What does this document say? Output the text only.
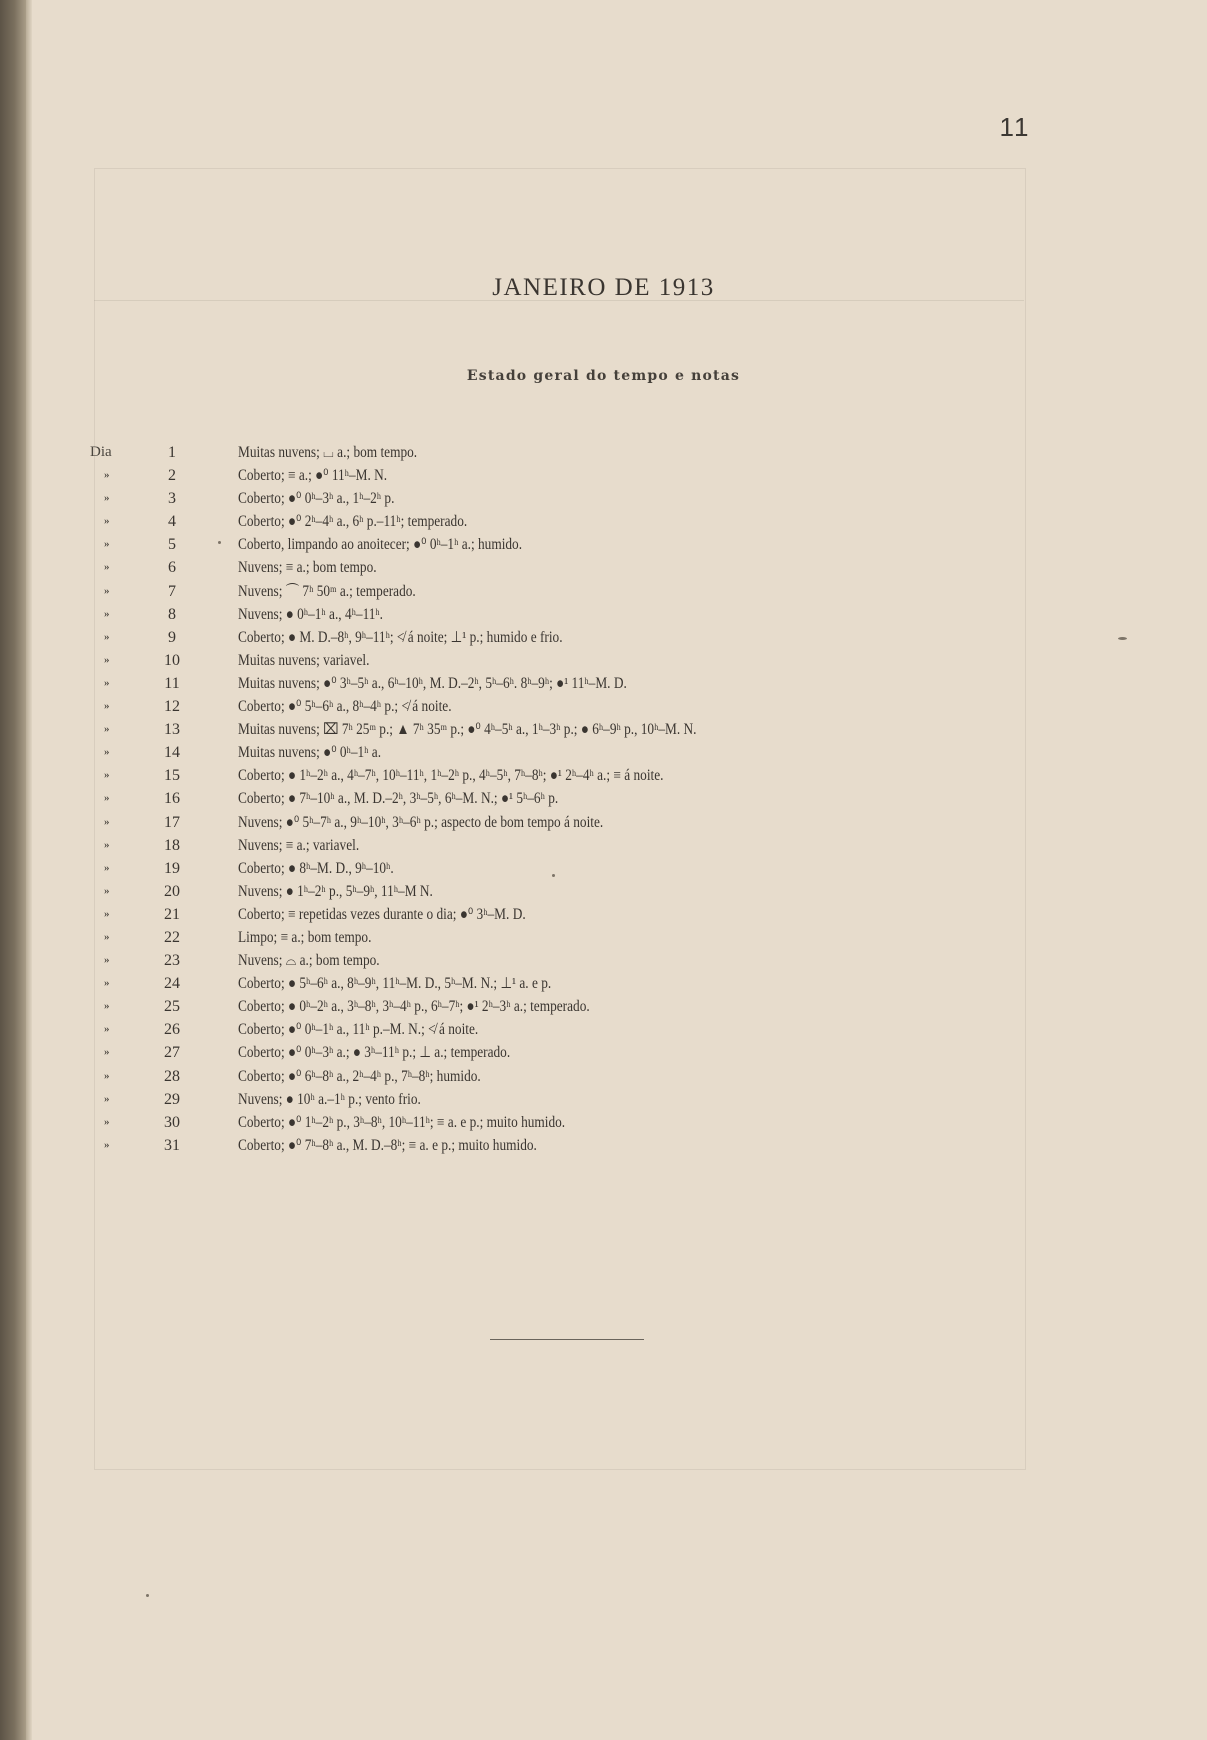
11
JANEIRO DE 1913
Estado geral do tempo e notas
Dia	1	Muitas nuvens; ⌴ a.; bom tempo.
»	2	Coberto; ≡ a.; ●⁰ 11ʰ–M. N.
»	3	Coberto; ●⁰ 0ʰ–3ʰ a., 1ʰ–2ʰ p.
»	4	Coberto; ●⁰ 2ʰ–4ʰ a., 6ʰ p.–11ʰ; temperado.
»	5	Coberto, limpando ao anoitecer; ●⁰ 0ʰ–1ʰ a.; humido.
»	6	Nuvens; ≡ a.; bom tempo.
»	7	Nuvens; ⌒ 7ʰ 50ᵐ a.; temperado.
»	8	Nuvens; ● 0ʰ–1ʰ a., 4ʰ–11ʰ.
»	9	Coberto; ● M. D.–8ʰ, 9ʰ–11ʰ; ≮ á noite; ⊥¹ p.; humido e frio.
»	10	Muitas nuvens; variavel.
»	11	Muitas nuvens; ●⁰ 3ʰ–5ʰ a., 6ʰ–10ʰ, M. D.–2ʰ, 5ʰ–6ʰ. 8ʰ–9ʰ; ●¹ 11ʰ–M. D.
»	12	Coberto; ●⁰ 5ʰ–6ʰ a., 8ʰ–4ʰ p.; ≮ á noite.
»	13	Muitas nuvens; ⌧ 7ʰ 25ᵐ p.; ▲ 7ʰ 35ᵐ p.; ●⁰ 4ʰ–5ʰ a., 1ʰ–3ʰ p.; ● 6ʰ–9ʰ p., 10ʰ–M. N.
»	14	Muitas nuvens; ●⁰ 0ʰ–1ʰ a.
»	15	Coberto; ● 1ʰ–2ʰ a., 4ʰ–7ʰ, 10ʰ–11ʰ, 1ʰ–2ʰ p., 4ʰ–5ʰ, 7ʰ–8ʰ; ●¹ 2ʰ–4ʰ a.; ≡ á noite.
»	16	Coberto; ● 7ʰ–10ʰ a., M. D.–2ʰ, 3ʰ–5ʰ, 6ʰ–M. N.; ●¹ 5ʰ–6ʰ p.
»	17	Nuvens; ●⁰ 5ʰ–7ʰ a., 9ʰ–10ʰ, 3ʰ–6ʰ p.; aspecto de bom tempo á noite.
»	18	Nuvens; ≡ a.; variavel.
»	19	Coberto; ● 8ʰ–M. D., 9ʰ–10ʰ.
»	20	Nuvens; ● 1ʰ–2ʰ p., 5ʰ–9ʰ, 11ʰ–M N.
»	21	Coberto; ≡ repetidas vezes durante o dia; ●⁰ 3ʰ–M. D.
»	22	Limpo; ≡ a.; bom tempo.
»	23	Nuvens; ⌓ a.; bom tempo.
»	24	Coberto; ● 5ʰ–6ʰ a., 8ʰ–9ʰ, 11ʰ–M. D., 5ʰ–M. N.; ⊥¹ a. e p.
»	25	Coberto; ● 0ʰ–2ʰ a., 3ʰ–8ʰ, 3ʰ–4ʰ p., 6ʰ–7ʰ; ●¹ 2ʰ–3ʰ a.; temperado.
»	26	Coberto; ●⁰ 0ʰ–1ʰ a., 11ʰ p.–M. N.; ≮ á noite.
»	27	Coberto; ●⁰ 0ʰ–3ʰ a.; ● 3ʰ–11ʰ p.; ⊥ a.; temperado.
»	28	Coberto; ●⁰ 6ʰ–8ʰ a., 2ʰ–4ʰ p., 7ʰ–8ʰ; humido.
»	29	Nuvens; ● 10ʰ a.–1ʰ p.; vento frio.
»	30	Coberto; ●⁰ 1ʰ–2ʰ p., 3ʰ–8ʰ, 10ʰ–11ʰ; ≡ a. e p.; muito humido.
»	31	Coberto; ●⁰ 7ʰ–8ʰ a., M. D.–8ʰ; ≡ a. e p.; muito humido.
